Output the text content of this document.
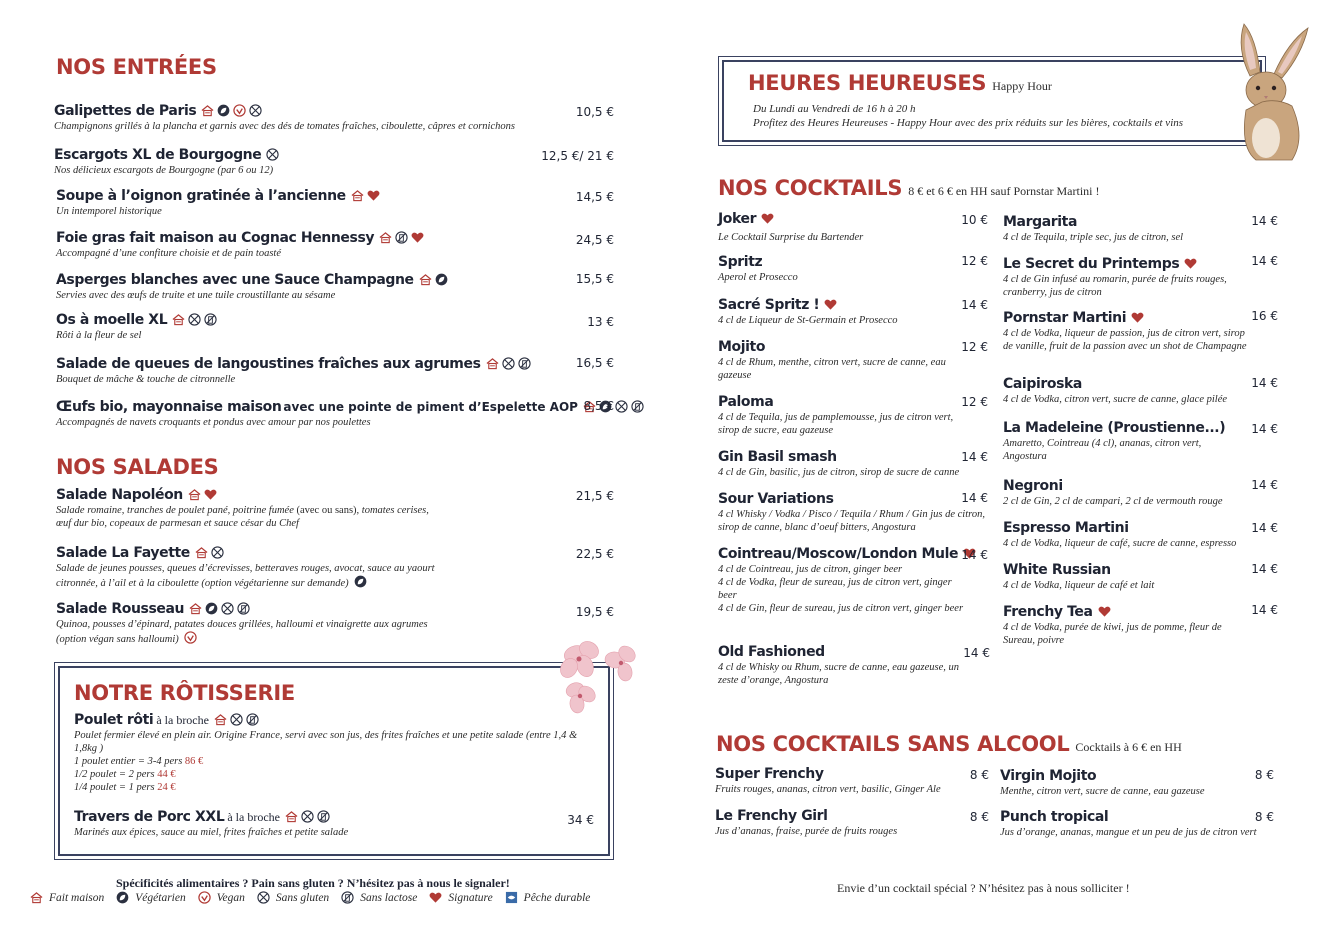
NOS ENTRÉES
Galipettes de Paris
Champignons grillés à la plancha et garnis avec des dés de tomates fraîches, ciboulette, câpres et cornichons
10,5 €
Escargots XL de Bourgogne
Nos délicieux escargots de Bourgogne (par 6 ou 12)
12,5 €/ 21 €
Soupe à l’oignon gratinée à l’ancienne
Un intemporel historique
14,5 €
Foie gras fait maison au Cognac Hennessy
Accompagné d’une confiture choisie et de pain toasté
24,5 €
Asperges blanches avec une Sauce Champagne
Servies avec des œufs de truite et une tuile croustillante au sésame
15,5 €
Os à moelle XL
Rôti à la fleur de sel
13 €
Salade de queues de langoustines fraîches aux agrumes
Bouquet de mâche & touche de citronnelle
16,5 €
Œufs bio, mayonnaise maison avec une pointe de piment d’Espelette AOP
Accompagnés de navets croquants et pondus avec amour par nos poulettes
8,5 €
NOS SALADES
Salade Napoléon
Salade romaine, tranches de poulet pané, poitrine fumée (avec ou sans), tomates cerises, œuf dur bio, copeaux de parmesan et sauce césar du Chef
21,5 €
Salade La Fayette
Salade de jeunes pousses, queues d’écrevisses, betteraves rouges, avocat, sauce au yaourt citronnée, à l’ail et à la ciboulette (option végétarienne sur demande)
22,5 €
Salade Rousseau
Quinoa, pousses d’épinard, patates douces grillées, halloumi et vinaigrette aux agrumes (option végan sans halloumi)
19,5 €
NOTRE RÔTISSERIE
Poulet rôti à la broche
Poulet fermier élevé en plein air. Origine France, servi avec son jus, des frites fraîches et une petite salade (entre 1,4 & 1,8kg )
1 poulet entier = 3-4 pers 86 €
1/2 poulet = 2 pers 44 €
1/4 poulet = 1 pers 24 €
Travers de Porc XXL à la broche
Marinés aux épices, sauce au miel, frites fraîches et petite salade
34 €
Spécificités alimentaires ? Pain sans gluten ? N’hésitez pas à nous le signaler!
Fait maison	Végétarien	Vegan	Sans gluten	Sans lactose	Signature	Pêche durable
HEURES HEUREUSES Happy Hour
Du Lundi au Vendredi de 16 h à 20 h
Profitez des Heures Heureuses - Happy Hour avec des prix réduits sur les bières, cocktails et vins
NOS COCKTAILS 8 € et 6 € en HH sauf Pornstar Martini !
Joker
Le Cocktail Surprise du Bartender
10 €
Spritz
Aperol et Prosecco
12 €
Sacré Spritz !
4 cl de Liqueur de St-Germain et Prosecco
14 €
Mojito
4 cl de Rhum, menthe, citron vert, sucre de canne, eau gazeuse
12 €
Paloma
4 cl de Tequila, jus de pamplemousse, jus de citron vert, sirop de sucre, eau gazeuse
12 €
Gin Basil smash
4 cl de Gin, basilic, jus de citron, sirop de sucre de canne
14 €
Sour Variations
4 cl Whisky / Vodka / Pisco / Tequila / Rhum / Gin jus de citron, sirop de canne, blanc d’oeuf bitters, Angostura
14 €
Cointreau/Moscow/London Mule
4 cl de Cointreau, jus de citron, ginger beer
4 cl de Vodka, fleur de sureau, jus de citron vert, ginger beer
4 cl de Gin, fleur de sureau, jus de citron vert, ginger beer
14 €
Old Fashioned
4 cl de Whisky ou Rhum, sucre de canne, eau gazeuse, un zeste d’orange, Angostura
14 €
Margarita
4 cl de Tequila, triple sec, jus de citron, sel
14 €
Le Secret du Printemps
4 cl de Gin infusé au romarin, purée de fruits rouges, cranberry, jus de citron
14 €
Pornstar Martini
4 cl de Vodka, liqueur de passion, jus de citron vert, sirop de vanille, fruit de la passion avec un shot de Champagne
16 €
Caipiroska
4 cl de Vodka, citron vert, sucre de canne, glace pilée
14 €
La Madeleine (Proustienne...)
Amaretto, Cointreau (4 cl), ananas, citron vert, Angostura
14 €
Negroni
2 cl de Gin, 2 cl de campari, 2 cl de vermouth rouge
14 €
Espresso Martini
4 cl de Vodka, liqueur de café, sucre de canne, espresso
14 €
White Russian
4 cl de Vodka, liqueur de café et lait
14 €
Frenchy Tea
4 cl de Vodka, purée de kiwi, jus de pomme, fleur de Sureau, poivre
14 €
NOS COCKTAILS SANS ALCOOL Cocktails à 6 € en HH
Super Frenchy
Fruits rouges, ananas, citron vert, basilic, Ginger Ale
8 €
Le Frenchy Girl
Jus d’ananas, fraise, purée de fruits rouges
8 €
Virgin Mojito
Menthe, citron vert, sucre de canne, eau gazeuse
8 €
Punch tropical
Jus d’orange, ananas, mangue et un peu de jus de citron vert
8 €
Envie d’un cocktail spécial ? N’hésitez pas à nous solliciter !
